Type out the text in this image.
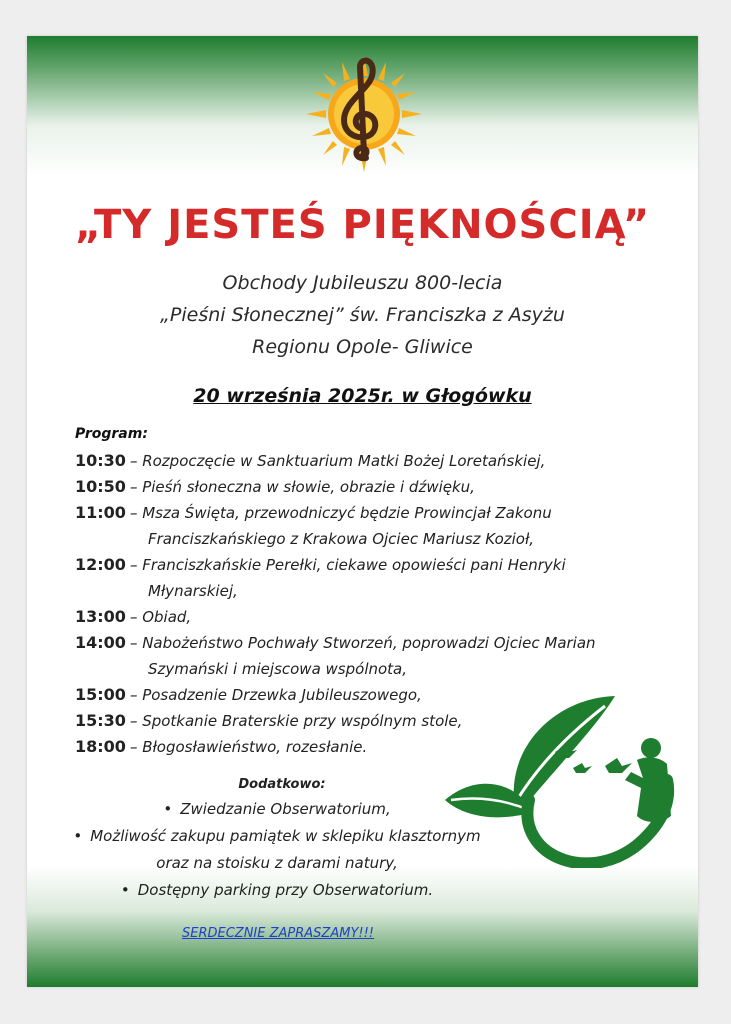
„TY JESTEŚ PIĘKNOŚCIĄ”
Obchody Jubileuszu 800-lecia
„Pieśni Słonecznej” św. Franciszka z Asyżu
Regionu Opole- Gliwice
20 września 2025r. w Głogówku
Program:
10:30 – Rozpoczęcie w Sanktuarium Matki Bożej Loretańskiej,
10:50 – Pieśń słoneczna w słowie, obrazie i dźwięku,
11:00 – Msza Święta, przewodniczyć będzie Prowincjał Zakonu
Franciszkańskiego z Krakowa Ojciec Mariusz Kozioł,
12:00 – Franciszkańskie Perełki, ciekawe opowieści pani Henryki
Młynarskiej,
13:00 – Obiad,
14:00 – Nabożeństwo Pochwały Stworzeń, poprowadzi Ojciec Marian
Szymański i miejscowa wspólnota,
15:00 – Posadzenie Drzewka Jubileuszowego,
15:30 – Spotkanie Braterskie przy wspólnym stole,
18:00 – Błogosławieństwo, rozesłanie.
Dodatkowo:
• Zwiedzanie Obserwatorium,
• Możliwość zakupu pamiątek w sklepiku klasztornym
oraz na stoisku z darami natury,
• Dostępny parking przy Obserwatorium.
SERDECZNIE ZAPRASZAMY!!!
